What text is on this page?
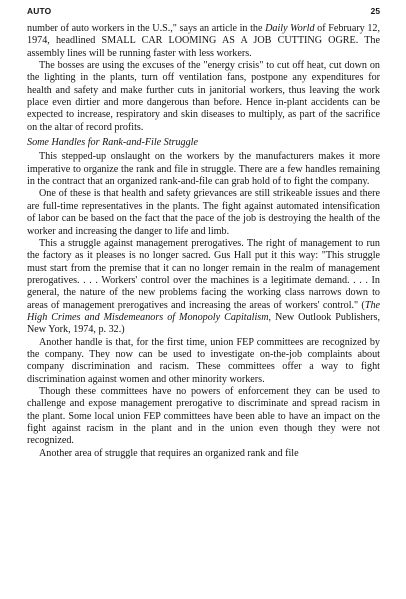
AUTO	25

number of auto workers in the U.S.," says an article in the Daily World of February 12, 1974, headlined SMALL CAR LOOMING AS A JOB CUTTING OGRE. The assembly lines will be running faster with less workers.

The bosses are using the excuses of the "energy crisis" to cut off heat, cut down on the lighting in the plants, turn off ventilation fans, postpone any expenditures for health and safety and make further cuts in janitorial workers, thus leaving the work place even dirtier and more dangerous than before. Hence in-plant accidents can be expected to increase, respiratory and skin diseases to multiply, as part of the sacrifice on the altar of record profits.

Some Handles for Rank-and-File Struggle

This stepped-up onslaught on the workers by the manufacturers makes it more imperative to organize the rank and file in struggle. There are a few handles remaining in the contract that an organized rank-and-file can grab hold of to fight the company.

One of these is that health and safety grievances are still strikeable issues and there are full-time representatives in the plants. The fight against automated intensification of labor can be based on the fact that the pace of the job is destroying the health of the worker and increasing the danger to life and limb.

This a struggle against management prerogatives. The right of management to run the factory as it pleases is no longer sacred. Gus Hall put it this way: "This struggle must start from the premise that it can no longer remain in the realm of management prerogatives. . . . Workers' control over the machines is a legitimate demand. . . . In general, the nature of the new problems facing the working class narrows down to areas of management prerogatives and increasing the areas of workers' control." (The High Crimes and Misdemeanors of Monopoly Capitalism, New Outlook Publishers, New York, 1974, p. 32.)

Another handle is that, for the first time, union FEP committees are recognized by the company. They now can be used to investigate on-the-job complaints about company discrimination and racism. These committees offer a way to fight discrimination against women and other minority workers.

Though these committees have no powers of enforcement they can be used to challenge and expose management prerogative to discriminate and spread racism in the plant. Some local union FEP committees have been able to have an impact on the fight against racism in the plant and in the union even though they were not recognized.

Another area of struggle that requires an organized rank and file
